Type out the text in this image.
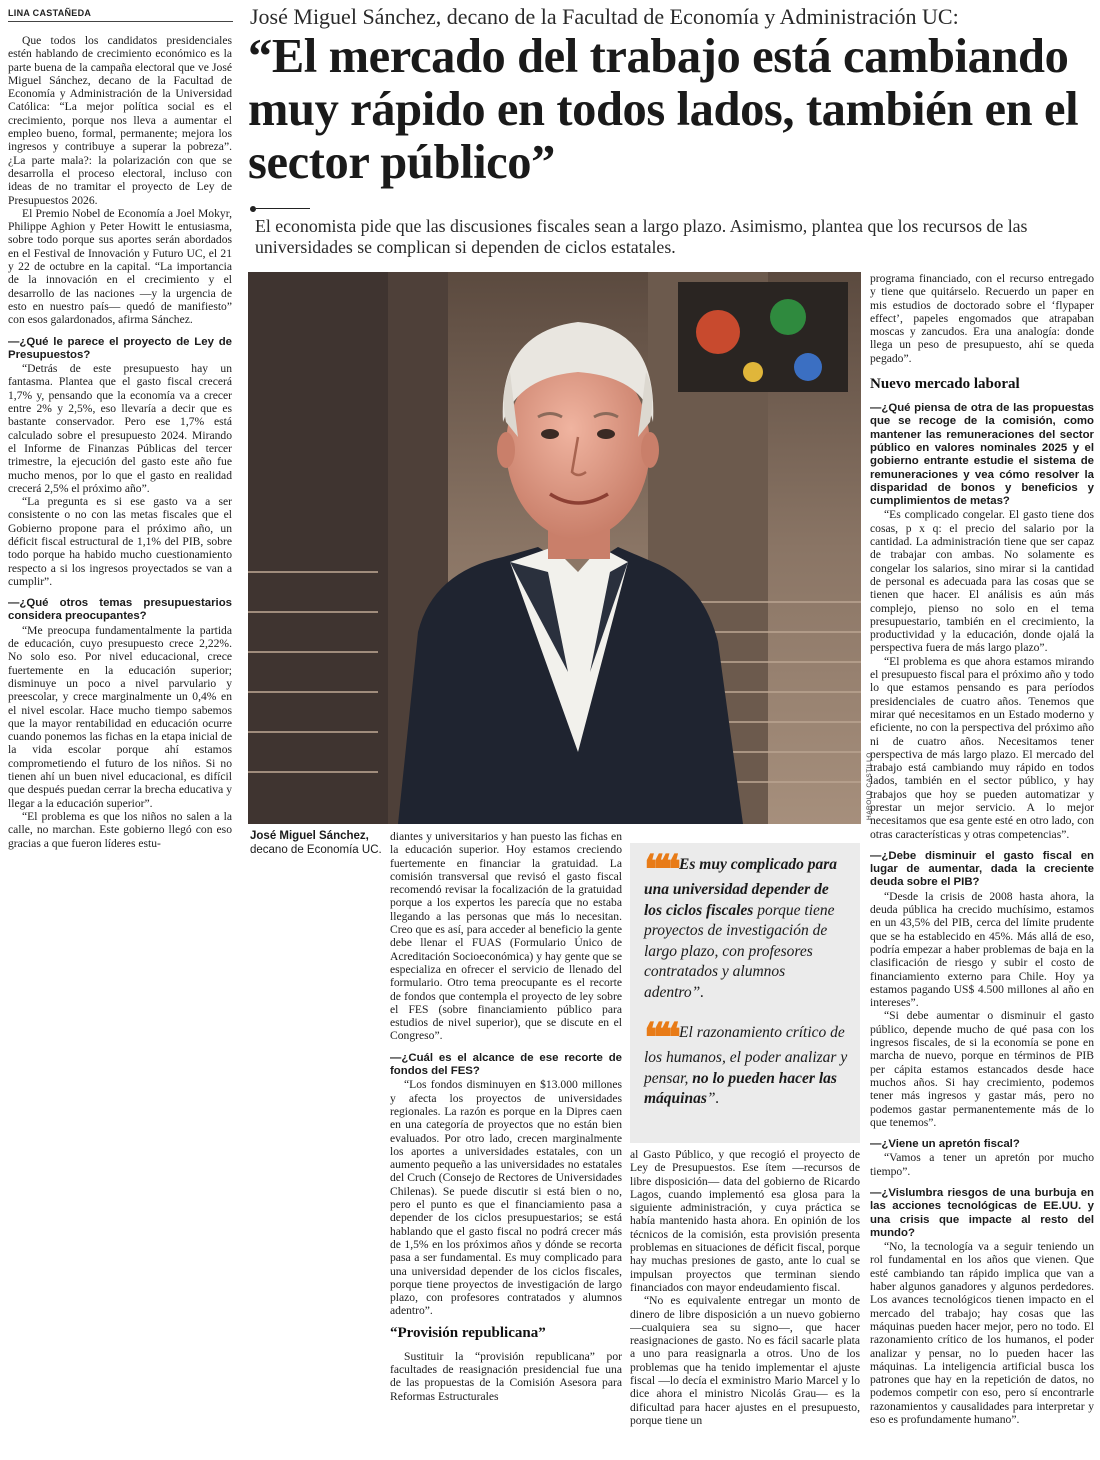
LINA CASTAÑEDA	José Miguel Sánchez, decano de la Facultad de Economía y Administración UC:
“El mercado del trabajo está cambiando muy rápido en todos lados, también en el sector público”
El economista pide que las discusiones fiscales sean a largo plazo. Asimismo, plantea que los recursos de las universidades se complican si dependen de ciclos estatales.

Que todos los candidatos presidenciales estén hablando de crecimiento económico es la parte buena de la campaña electoral que ve José Miguel Sánchez, decano de la Facultad de Economía y Administración de la Universidad Católica: “La mejor política social es el crecimiento, porque nos lleva a aumentar el empleo bueno, formal, permanente; mejora los ingresos y contribuye a superar la pobreza”. ¿La parte mala?: la polarización con que se desarrolla el proceso electoral, incluso con ideas de no tramitar el proyecto de Ley de Presupuestos 2026.

El Premio Nobel de Economía a Joel Mokyr, Philippe Aghion y Peter Howitt le entusiasma, sobre todo porque sus aportes serán abordados en el Festival de Innovación y Futuro UC, el 21 y 22 de octubre en la capital. “La importancia de la innovación en el crecimiento y el desarrollo de las naciones —y la urgencia de esto en nuestro país— quedó de manifiesto” con esos galardonados, afirma Sánchez.

—¿Qué le parece el proyecto de Ley de Presupuestos?

“Detrás de este presupuesto hay un fantasma. Plantea que el gasto fiscal crecerá 1,7% y, pensando que la economía va a crecer entre 2% y 2,5%, eso llevaría a decir que es bastante conservador. Pero ese 1,7% está calculado sobre el presupuesto 2024. Mirando el Informe de Finanzas Públicas del tercer trimestre, la ejecución del gasto este año fue mucho menos, por lo que el gasto en realidad crecerá 2,5% el próximo año”.

“La pregunta es si ese gasto va a ser consistente o no con las metas fiscales que el Gobierno propone para el próximo año, un déficit fiscal estructural de 1,1% del PIB, sobre todo porque ha habido mucho cuestionamiento respecto a si los ingresos proyectados se van a cumplir”.

—¿Qué otros temas presupuestarios considera preocupantes?

“Me preocupa fundamentalmente la partida de educación, cuyo presupuesto crece 2,22%. No solo eso. Por nivel educacional, crece fuertemente en la educación superior; disminuye un poco a nivel parvulario y preescolar, y crece marginalmente un 0,4% en el nivel escolar. Hace mucho tiempo sabemos que la mayor rentabilidad en educación ocurre cuando ponemos las fichas en la etapa inicial de la vida escolar porque ahí estamos comprometiendo el futuro de los niños. Si no tienen ahí un buen nivel educacional, es difícil que después puedan cerrar la brecha educativa y llegar a la educación superior”.

“El problema es que los niños no salen a la calle, no marchan. Este gobierno llegó con eso gracias a que fueron líderes estu-

HAROLD CASTILLO
José Miguel Sánchez, decano de Economía UC.

diantes y universitarios y han puesto las fichas en la educación superior. Hoy estamos creciendo fuertemente en financiar la gratuidad. La comisión transversal que revisó el gasto fiscal recomendó revisar la focalización de la gratuidad porque a los expertos les parecía que no estaba llegando a las personas que más lo necesitan. Creo que es así, para acceder al beneficio la gente debe llenar el FUAS (Formulario Único de Acreditación Socioeconómica) y hay gente que se especializa en ofrecer el servicio de llenado del formulario. Otro tema preocupante es el recorte de fondos que contempla el proyecto de ley sobre el FES (sobre financiamiento público para estudios de nivel superior), que se discute en el Congreso”.

—¿Cuál es el alcance de ese recorte de fondos del FES?

“Los fondos disminuyen en $13.000 millones y afecta los proyectos de universidades regionales. La razón es porque en la Dipres caen en una categoría de proyectos que no están bien evaluados. Por otro lado, crecen marginalmente los aportes a universidades estatales, con un aumento pequeño a las universidades no estatales del Cruch (Consejo de Rectores de Universidades Chilenas). Se puede discutir si está bien o no, pero el punto es que el financiamiento pasa a depender de los ciclos presupuestarios; se está hablando que el gasto fiscal no podrá crecer más de 1,5% en los próximos años y dónde se recorta pasa a ser fundamental. Es muy complicado para una universidad depender de los ciclos fiscales, porque tiene proyectos de investigación de largo plazo, con profesores contratados y alumnos adentro”.

“Provisión republicana”

Sustituir la “provisión republicana” por facultades de reasignación presidencial fue una de las propuestas de la Comisión Asesora para Reformas Estructurales

❝❝ Es muy complicado para una universidad depender de los ciclos fiscales porque tiene proyectos de investigación de largo plazo, con profesores contratados y alumnos adentro”.
❝❝ El razonamiento crítico de los humanos, el poder analizar y pensar, no lo pueden hacer las máquinas”.

al Gasto Público, y que recogió el proyecto de Ley de Presupuestos. Ese ítem —recursos de libre disposición— data del gobierno de Ricardo Lagos, cuando implementó esa glosa para la siguiente administración, y cuya práctica se había mantenido hasta ahora. En opinión de los técnicos de la comisión, esta provisión presenta problemas en situaciones de déficit fiscal, porque hay muchas presiones de gasto, ante lo cual se impulsan proyectos que terminan siendo financiados con mayor endeudamiento fiscal.

“No es equivalente entregar un monto de dinero de libre disposición a un nuevo gobierno —cualquiera sea su signo—, que hacer reasignaciones de gasto. No es fácil sacarle plata a uno para reasignarla a otros. Uno de los problemas que ha tenido implementar el ajuste fiscal —lo decía el exministro Mario Marcel y lo dice ahora el ministro Nicolás Grau— es la dificultad para hacer ajustes en el presupuesto, porque tiene un

programa financiado, con el recurso entregado y tiene que quitárselo. Recuerdo un paper en mis estudios de doctorado sobre el ‘flypaper effect’, papeles engomados que atrapaban moscas y zancudos. Era una analogía: donde llega un peso de presupuesto, ahí se queda pegado”.

Nuevo mercado laboral

—¿Qué piensa de otra de las propuestas que se recoge de la comisión, como mantener las remuneraciones del sector público en valores nominales 2025 y el gobierno entrante estudie el sistema de remuneraciones y vea cómo resolver la disparidad de bonos y beneficios y cumplimientos de metas?

“Es complicado congelar. El gasto tiene dos cosas, p x q: el precio del salario por la cantidad. La administración tiene que ser capaz de trabajar con ambas. No solamente es congelar los salarios, sino mirar si la cantidad de personal es adecuada para las cosas que se tienen que hacer. El análisis es aún más complejo, pienso no solo en el tema presupuestario, también en el crecimiento, la productividad y la educación, donde ojalá la perspectiva fuera de más largo plazo”.

“El problema es que ahora estamos mirando el presupuesto fiscal para el próximo año y todo lo que estamos pensando es para períodos presidenciales de cuatro años. Tenemos que mirar qué necesitamos en un Estado moderno y eficiente, no con la perspectiva del próximo año ni de cuatro años. Necesitamos tener perspectiva de más largo plazo. El mercado del trabajo está cambiando muy rápido en todos lados, también en el sector público, y hay trabajos que hoy se pueden automatizar y prestar un mejor servicio. A lo mejor necesitamos que esa gente esté en otro lado, con otras características y otras competencias”.

—¿Debe disminuir el gasto fiscal en lugar de aumentar, dada la creciente deuda sobre el PIB?

“Desde la crisis de 2008 hasta ahora, la deuda pública ha crecido muchísimo, estamos en un 43,5% del PIB, cerca del límite prudente que se ha establecido en 45%. Más allá de eso, podría empezar a haber problemas de baja en la clasificación de riesgo y subir el costo de financiamiento externo para Chile. Hoy ya estamos pagando US$ 4.500 millones al año en intereses”.

“Si debe aumentar o disminuir el gasto público, depende mucho de qué pasa con los ingresos fiscales, de si la economía se pone en marcha de nuevo, porque en términos de PIB per cápita estamos estancados desde hace muchos años. Si hay crecimiento, podemos tener más ingresos y gastar más, pero no podemos gastar permanentemente más de lo que tenemos”.

—¿Viene un apretón fiscal?

“Vamos a tener un apretón por mucho tiempo”.

—¿Vislumbra riesgos de una burbuja en las acciones tecnológicas de EE.UU. y una crisis que impacte al resto del mundo?

“No, la tecnología va a seguir teniendo un rol fundamental en los años que vienen. Que esté cambiando tan rápido implica que van a haber algunos ganadores y algunos perdedores. Los avances tecnológicos tienen impacto en el mercado del trabajo; hay cosas que las máquinas pueden hacer mejor, pero no todo. El razonamiento crítico de los humanos, el poder analizar y pensar, no lo pueden hacer las máquinas. La inteligencia artificial busca los patrones que hay en la repetición de datos, no podemos competir con eso, pero sí encontrarle razonamientos y causalidades para interpretar y eso es profundamente humano”.
